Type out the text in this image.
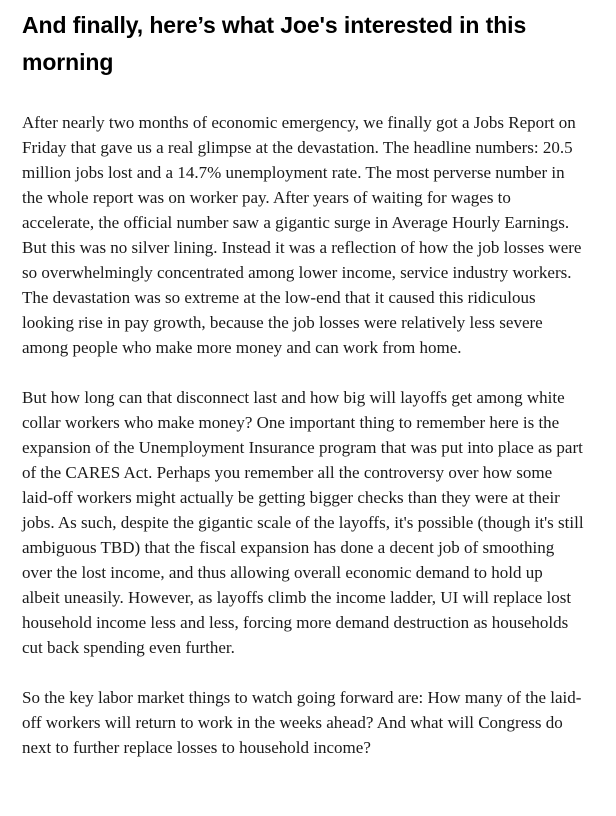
And finally, here’s what Joe's interested in this morning

After nearly two months of economic emergency, we finally got a Jobs Report on Friday that gave us a real glimpse at the devastation. The headline numbers: 20.5 million jobs lost and a 14.7% unemployment rate. The most perverse number in the whole report was on worker pay. After years of waiting for wages to accelerate, the official number saw a gigantic surge in Average Hourly Earnings. But this was no silver lining. Instead it was a reflection of how the job losses were so overwhelmingly concentrated among lower income, service industry workers. The devastation was so extreme at the low-end that it caused this ridiculous looking rise in pay growth, because the job losses were relatively less severe among people who make more money and can work from home.

But how long can that disconnect last and how big will layoffs get among white collar workers who make money? One important thing to remember here is the expansion of the Unemployment Insurance program that was put into place as part of the CARES Act. Perhaps you remember all the controversy over how some laid-off workers might actually be getting bigger checks than they were at their jobs. As such, despite the gigantic scale of the layoffs, it's possible (though it's still ambiguous TBD) that the fiscal expansion has done a decent job of smoothing over the lost income, and thus allowing overall economic demand to hold up albeit uneasily. However, as layoffs climb the income ladder, UI will replace lost household income less and less, forcing more demand destruction as households cut back spending even further.

So the key labor market things to watch going forward are: How many of the laid-off workers will return to work in the weeks ahead? And what will Congress do next to further replace losses to household income?
